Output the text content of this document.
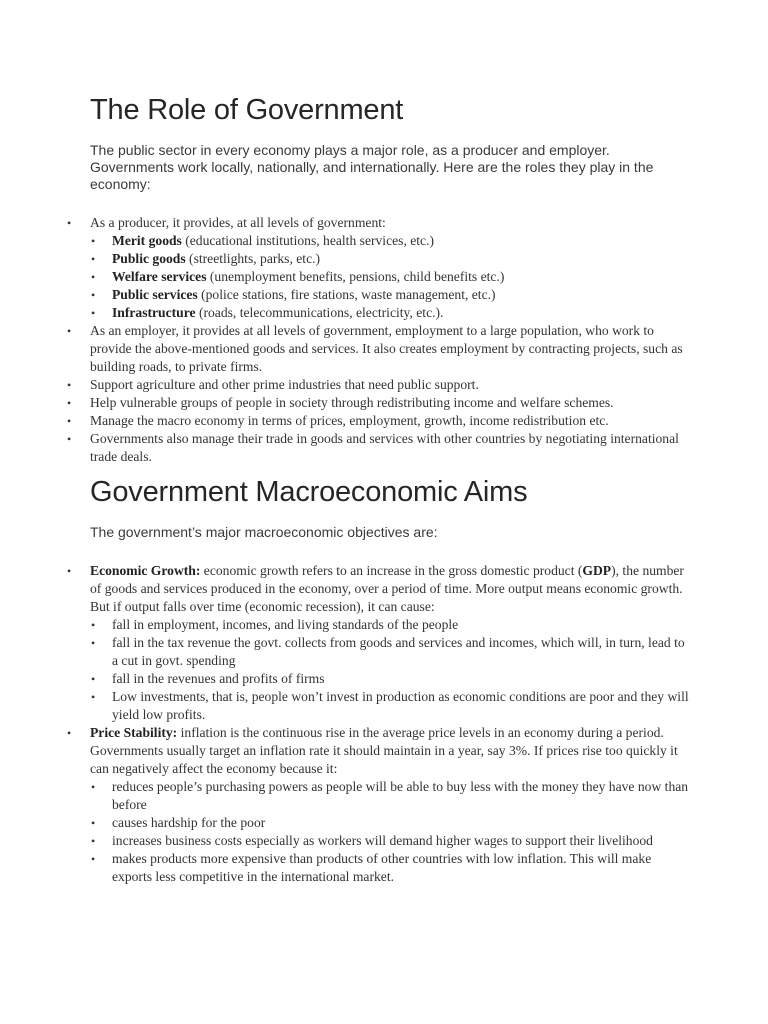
The Role of Government

The public sector in every economy plays a major role, as a producer and employer. Governments work locally, nationally, and internationally. Here are the roles they play in the economy:

• As a producer, it provides, at all levels of government:
• Merit goods (educational institutions, health services, etc.)
• Public goods (streetlights, parks, etc.)
• Welfare services (unemployment benefits, pensions, child benefits etc.)
• Public services (police stations, fire stations, waste management, etc.)
• Infrastructure (roads, telecommunications, electricity, etc.).
• As an employer, it provides at all levels of government, employment to a large population, who work to provide the above-mentioned goods and services. It also creates employment by contracting projects, such as building roads, to private firms.
• Support agriculture and other prime industries that need public support.
• Help vulnerable groups of people in society through redistributing income and welfare schemes.
• Manage the macro economy in terms of prices, employment, growth, income redistribution etc.
• Governments also manage their trade in goods and services with other countries by negotiating international trade deals.
Government Macroeconomic Aims

The government’s major macroeconomic objectives are:

• Economic Growth: economic growth refers to an increase in the gross domestic product (GDP), the number of goods and services produced in the economy, over a period of time. More output means economic growth. But if output falls over time (economic recession), it can cause:
• fall in employment, incomes, and living standards of the people
• fall in the tax revenue the govt. collects from goods and services and incomes, which will, in turn, lead to a cut in govt. spending
• fall in the revenues and profits of firms
• Low investments, that is, people won’t invest in production as economic conditions are poor and they will yield low profits.
• Price Stability: inflation is the continuous rise in the average price levels in an economy during a period. Governments usually target an inflation rate it should maintain in a year, say 3%. If prices rise too quickly it can negatively affect the economy because it:
• reduces people’s purchasing powers as people will be able to buy less with the money they have now than before
• causes hardship for the poor
• increases business costs especially as workers will demand higher wages to support their livelihood
• makes products more expensive than products of other countries with low inflation. This will make exports less competitive in the international market.
